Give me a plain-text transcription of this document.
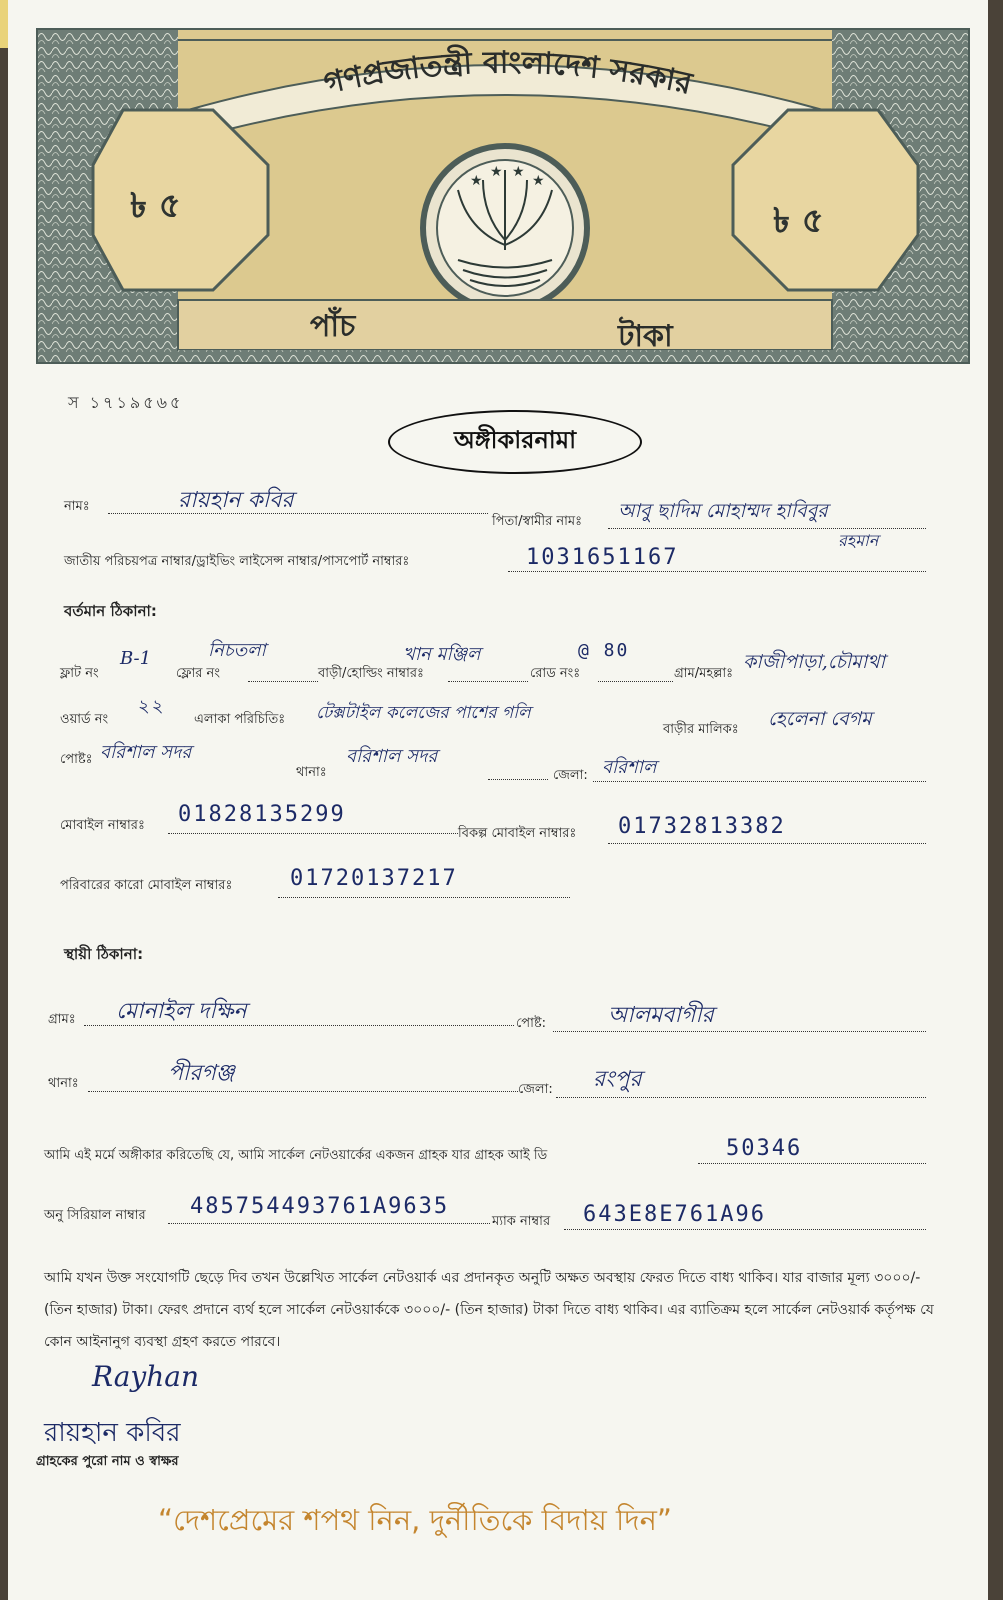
গণপ্রজাতন্ত্রী বাংলাদেশ সরকার
★
★ ★
★
৳ ৫	৳ ৫
পাঁচ	টাকা
স ১৭১৯৫৬৫
অঙ্গীকারনামা
নামঃ	রায়হান কবির
পিতা/স্বামীর নামঃ আবু ছাদিম মোহাম্মদ হাবিবুর
রহমান
জাতীয় পরিচয়পত্র নাম্বার/ড্রাইভিং লাইসেন্স নাম্বার/পাসপোর্ট নাম্বারঃ	1031651167
বর্তমান ঠিকানা:
ফ্লাট নং
B-1
ফ্লোর নং
নিচতলা
বাড়ী/হোল্ডিং নাম্বারঃ
খান মঞ্জিল
রোড নংঃ
@ 80
গ্রাম/মহল্লাঃ
কাজীপাড়া,চৌমাথা
ওয়ার্ড নং
২২
এলাকা পরিচিতিঃ টেক্সটাইল কলেজের পাশের গলি
বাড়ীর মালিকঃ হেলেনা বেগম
পোষ্টঃ বরিশাল সদর
থানাঃ
বরিশাল সদর
জেলা: বরিশাল
মোবাইল নাম্বারঃ 01828135299
বিকল্প মোবাইল নাম্বারঃ 01732813382
পরিবারের কারো মোবাইল নাম্বারঃ	01720137217
স্থায়ী ঠিকানা:
গ্রামঃ মোনাইল দক্ষিন	পোষ্ট:	আলমবাগীর
থানাঃ	পীরগঞ্জ
জেলা: রংপুর
আমি এই মর্মে অঙ্গীকার করিতেছি যে, আমি সার্কেল নেটওয়ার্কের একজন গ্রাহক যার গ্রাহক আই ডি	50346
অনু সিরিয়াল নাম্বার 485754493761A9635
ম্যাক নাম্বার 643E8E761A96
আমি যখন উক্ত সংযোগটি ছেড়ে দিব তখন উল্লেখিত সার্কেল নেটওয়ার্ক এর প্রদানকৃত অনুটি অক্ষত অবস্থায় ফেরত দিতে বাধ্য থাকিব। যার বাজার মূল্য ৩০০০/- (তিন হাজার) টাকা। ফেরৎ প্রদানে ব্যর্থ হলে সার্কেল নেটওয়ার্ককে ৩০০০/- (তিন হাজার) টাকা দিতে বাধ্য থাকিব। এর ব্যাতিক্রম হলে সার্কেল নেটওয়ার্ক কর্তৃপক্ষ যে কোন আইনানুগ ব্যবস্থা গ্রহণ করতে পারবে।
Rayhan
রায়হান কবির
গ্রাহকের পুরো নাম ও স্বাক্ষর
“দেশপ্রেমের শপথ নিন, দুর্নীতিকে বিদায় দিন”
